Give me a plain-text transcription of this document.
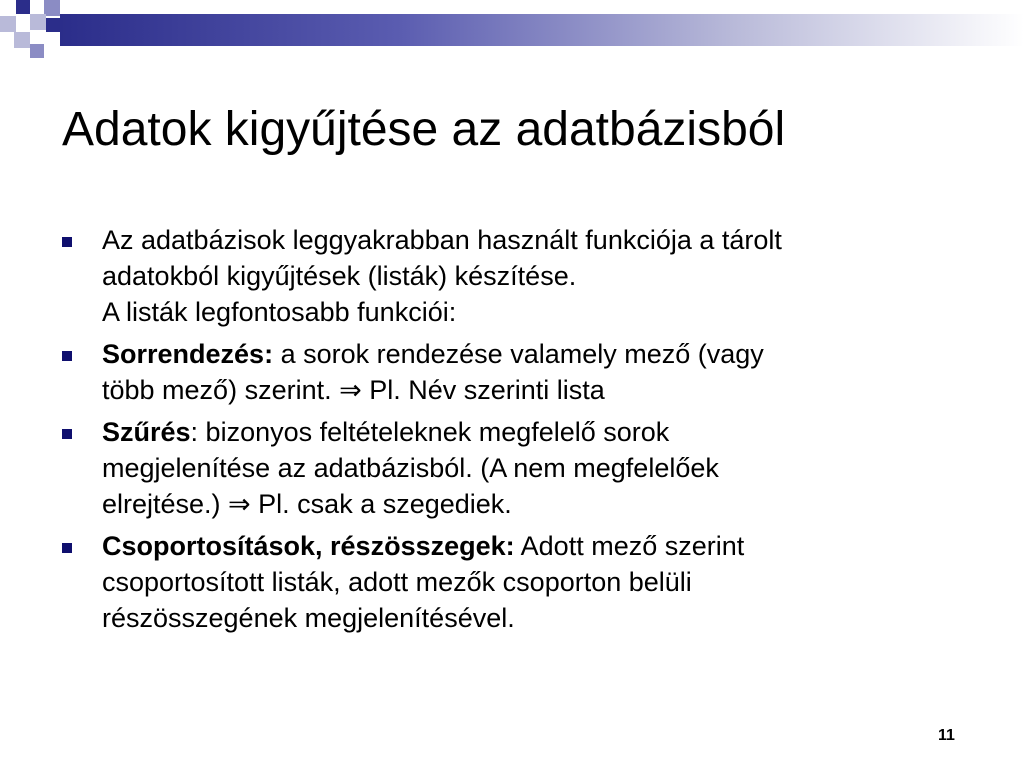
Adatok kigyűjtése az adatbázisból
Az adatbázisok leggyakrabban használt funkciója a tárolt
adatokból kigyűjtések (listák) készítése.
A listák legfontosabb funkciói:
Sorrendezés: a sorok rendezése valamely mező (vagy
több mező) szerint. ⇒ Pl. Név szerinti lista
Szűrés: bizonyos feltételeknek megfelelő sorok
megjelenítése az adatbázisból. (A nem megfelelőek
elrejtése.) ⇒ Pl. csak a szegediek.
Csoportosítások, részösszegek: Adott mező szerint
csoportosított listák, adott mezők csoporton belüli
részösszegének megjelenítésével.
11
